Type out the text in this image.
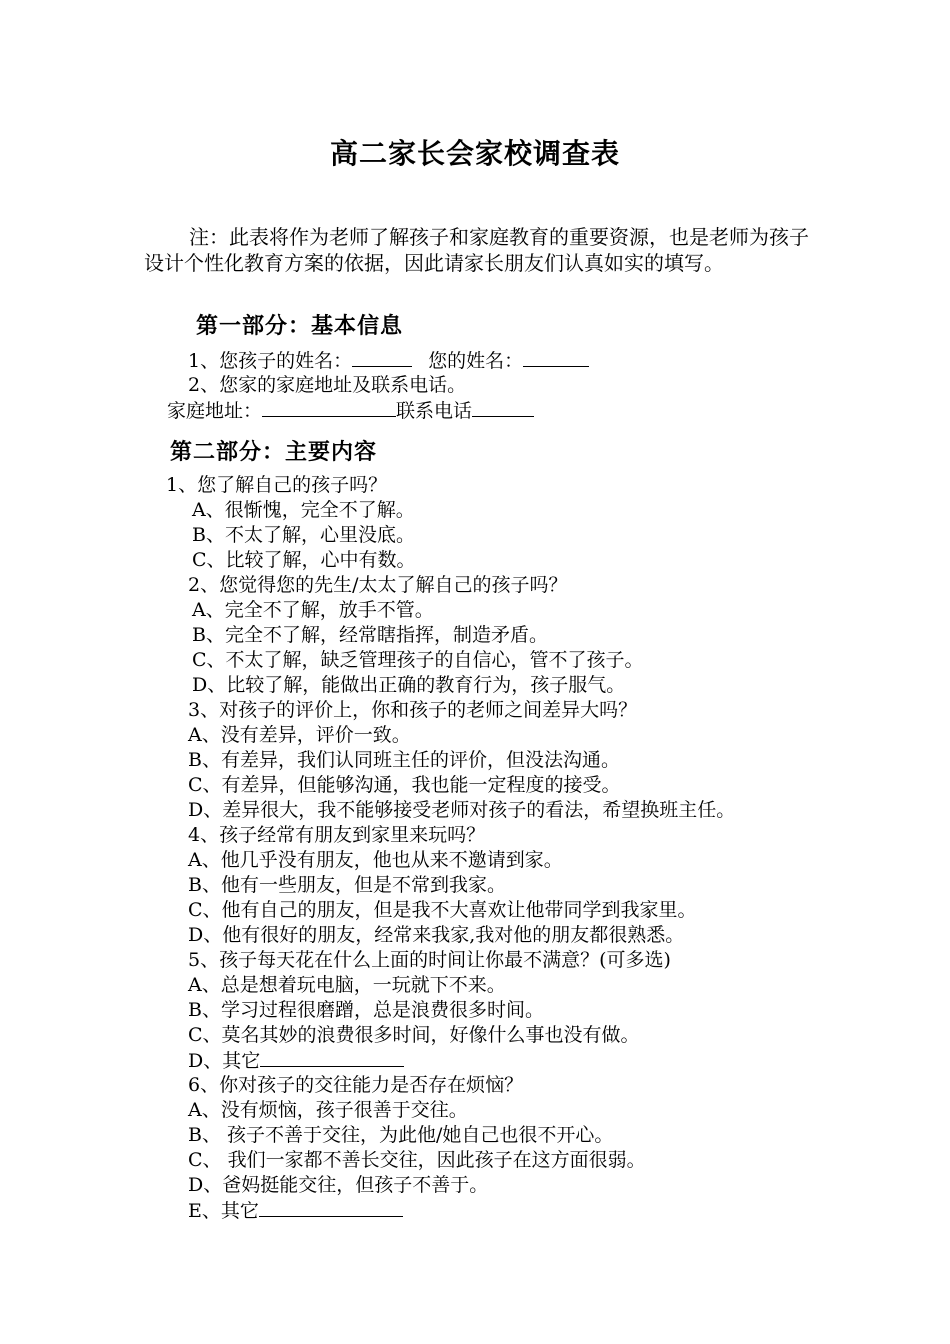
高二家长会家校调查表
注：此表将作为老师了解孩子和家庭教育的重要资源，也是老师为孩子设计个性化教育方案的依据，因此请家长朋友们认真如实的填写。
第一部分：基本信息
1、您孩子的姓名：	您的姓名：
2、您家的家庭地址及联系电话。
家庭地址：	联系电话
第二部分：主要内容
1、您了解自己的孩子吗？
A、很惭愧，完全不了解。
B、不太了解，心里没底。
C、比较了解，心中有数。
2、您觉得您的先生/太太了解自己的孩子吗？
A、完全不了解，放手不管。
B、完全不了解，经常瞎指挥，制造矛盾。
C、不太了解，缺乏管理孩子的自信心，管不了孩子。
D、比较了解，能做出正确的教育行为，孩子服气。
3、对孩子的评价上，你和孩子的老师之间差异大吗？
A、没有差异，评价一致。
B、有差异，我们认同班主任的评价，但没法沟通。
C、有差异，但能够沟通，我也能一定程度的接受。
D、差异很大，我不能够接受老师对孩子的看法，希望换班主任。
4、孩子经常有朋友到家里来玩吗？
A、他几乎没有朋友，他也从来不邀请到家。
B、他有一些朋友，但是不常到我家。
C、他有自己的朋友，但是我不大喜欢让他带同学到我家里。
D、他有很好的朋友，经常来我家,我对他的朋友都很熟悉。
5、孩子每天花在什么上面的时间让你最不满意？(可多选)
A、总是想着玩电脑，一玩就下不来。
B、学习过程很磨蹭，总是浪费很多时间。
C、莫名其妙的浪费很多时间，好像什么事也没有做。
D、其它
6、你对孩子的交往能力是否存在烦恼？
A、没有烦恼，孩子很善于交往。
B、 孩子不善于交往，为此他/她自己也很不开心。
C、 我们一家都不善长交往，因此孩子在这方面很弱。
D、爸妈挺能交往，但孩子不善于。
E、其它
